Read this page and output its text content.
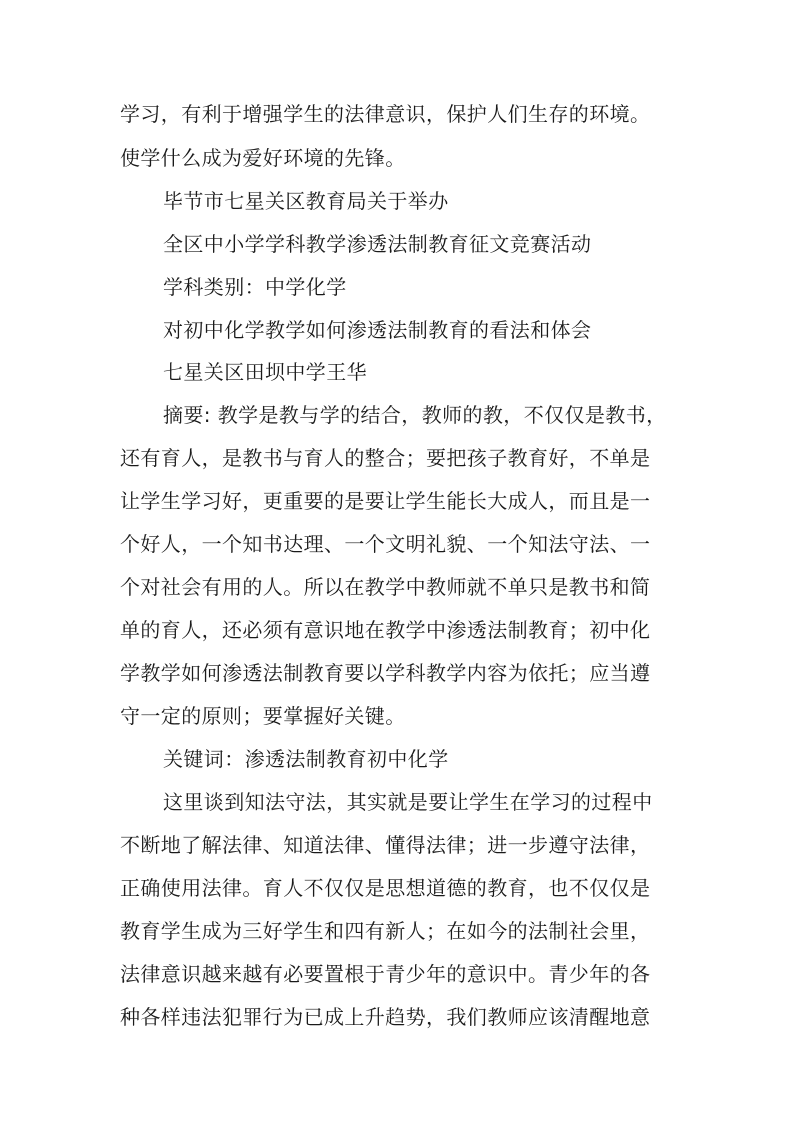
学习，有利于增强学生的法律意识，保护人们生存的环境。
使学什么成为爱好环境的先锋。
毕节市七星关区教育局关于举办
全区中小学学科教学渗透法制教育征文竞赛活动
学科类别：中学化学
对初中化学教学如何渗透法制教育的看法和体会
七星关区田坝中学王华
摘要: 教学是教与学的结合，教师的教，不仅仅是教书，
还有育人，是教书与育人的整合；要把孩子教育好，不单是
让学生学习好，更重要的是要让学生能长大成人，而且是一
个好人，一个知书达理、一个文明礼貌、一个知法守法、一
个对社会有用的人。所以在教学中教师就不单只是教书和简
单的育人，还必须有意识地在教学中渗透法制教育；初中化
学教学如何渗透法制教育要以学科教学内容为依托；应当遵
守一定的原则；要掌握好关键。
关键词：渗透法制教育初中化学
这里谈到知法守法，其实就是要让学生在学习的过程中
不断地了解法律、知道法律、懂得法律；进一步遵守法律，
正确使用法律。育人不仅仅是思想道德的教育，也不仅仅是
教育学生成为三好学生和四有新人；在如今的法制社会里，
法律意识越来越有必要置根于青少年的意识中。青少年的各
种各样违法犯罪行为已成上升趋势，我们教师应该清醒地意
